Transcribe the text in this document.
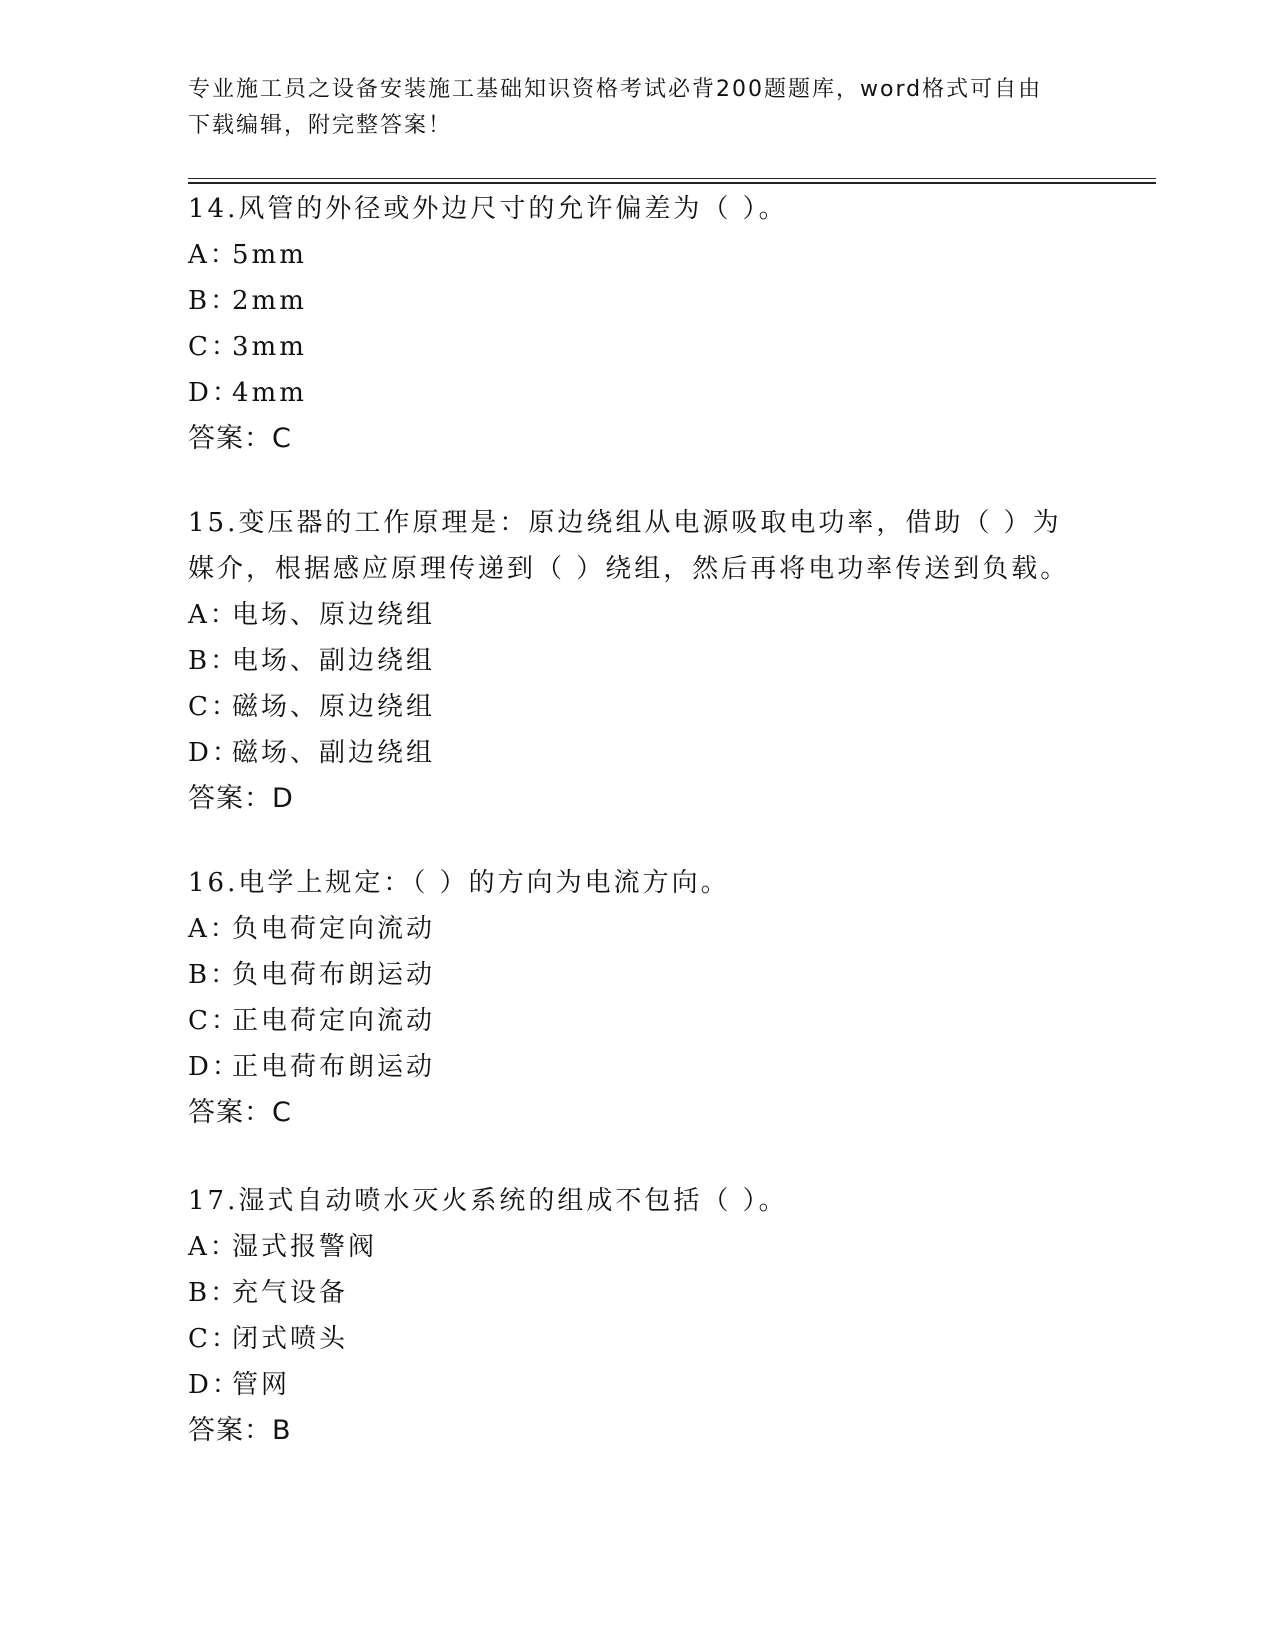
专业施工员之设备安装施工基础知识资格考试必背200题题库，word格式可自由
下载编辑，附完整答案！

14.风管的外径或外边尺寸的允许偏差为（ ）。

A：
5mm

B：
2mm

C：
3mm

D：
4mm

答案：C

15.变压器的工作原理是：原边绕组从电源吸取电功率，借助（ ）为

媒介，根据感应原理传递到（ ）绕组，然后再将电功率传送到负载。

A：
电场、原边绕组

B：
电场、副边绕组

C：
磁场、原边绕组

D：
磁场、副边绕组

答案：D

16.电学上规定：（ ）的方向为电流方向。

A：
负电荷定向流动

B：
负电荷布朗运动

C：
正电荷定向流动

D：
正电荷布朗运动

答案：C

17.湿式自动喷水灭火系统的组成不包括（ ）。

A：
湿式报警阀

B：
充气设备

C：
闭式喷头

D：
管网

答案：B
